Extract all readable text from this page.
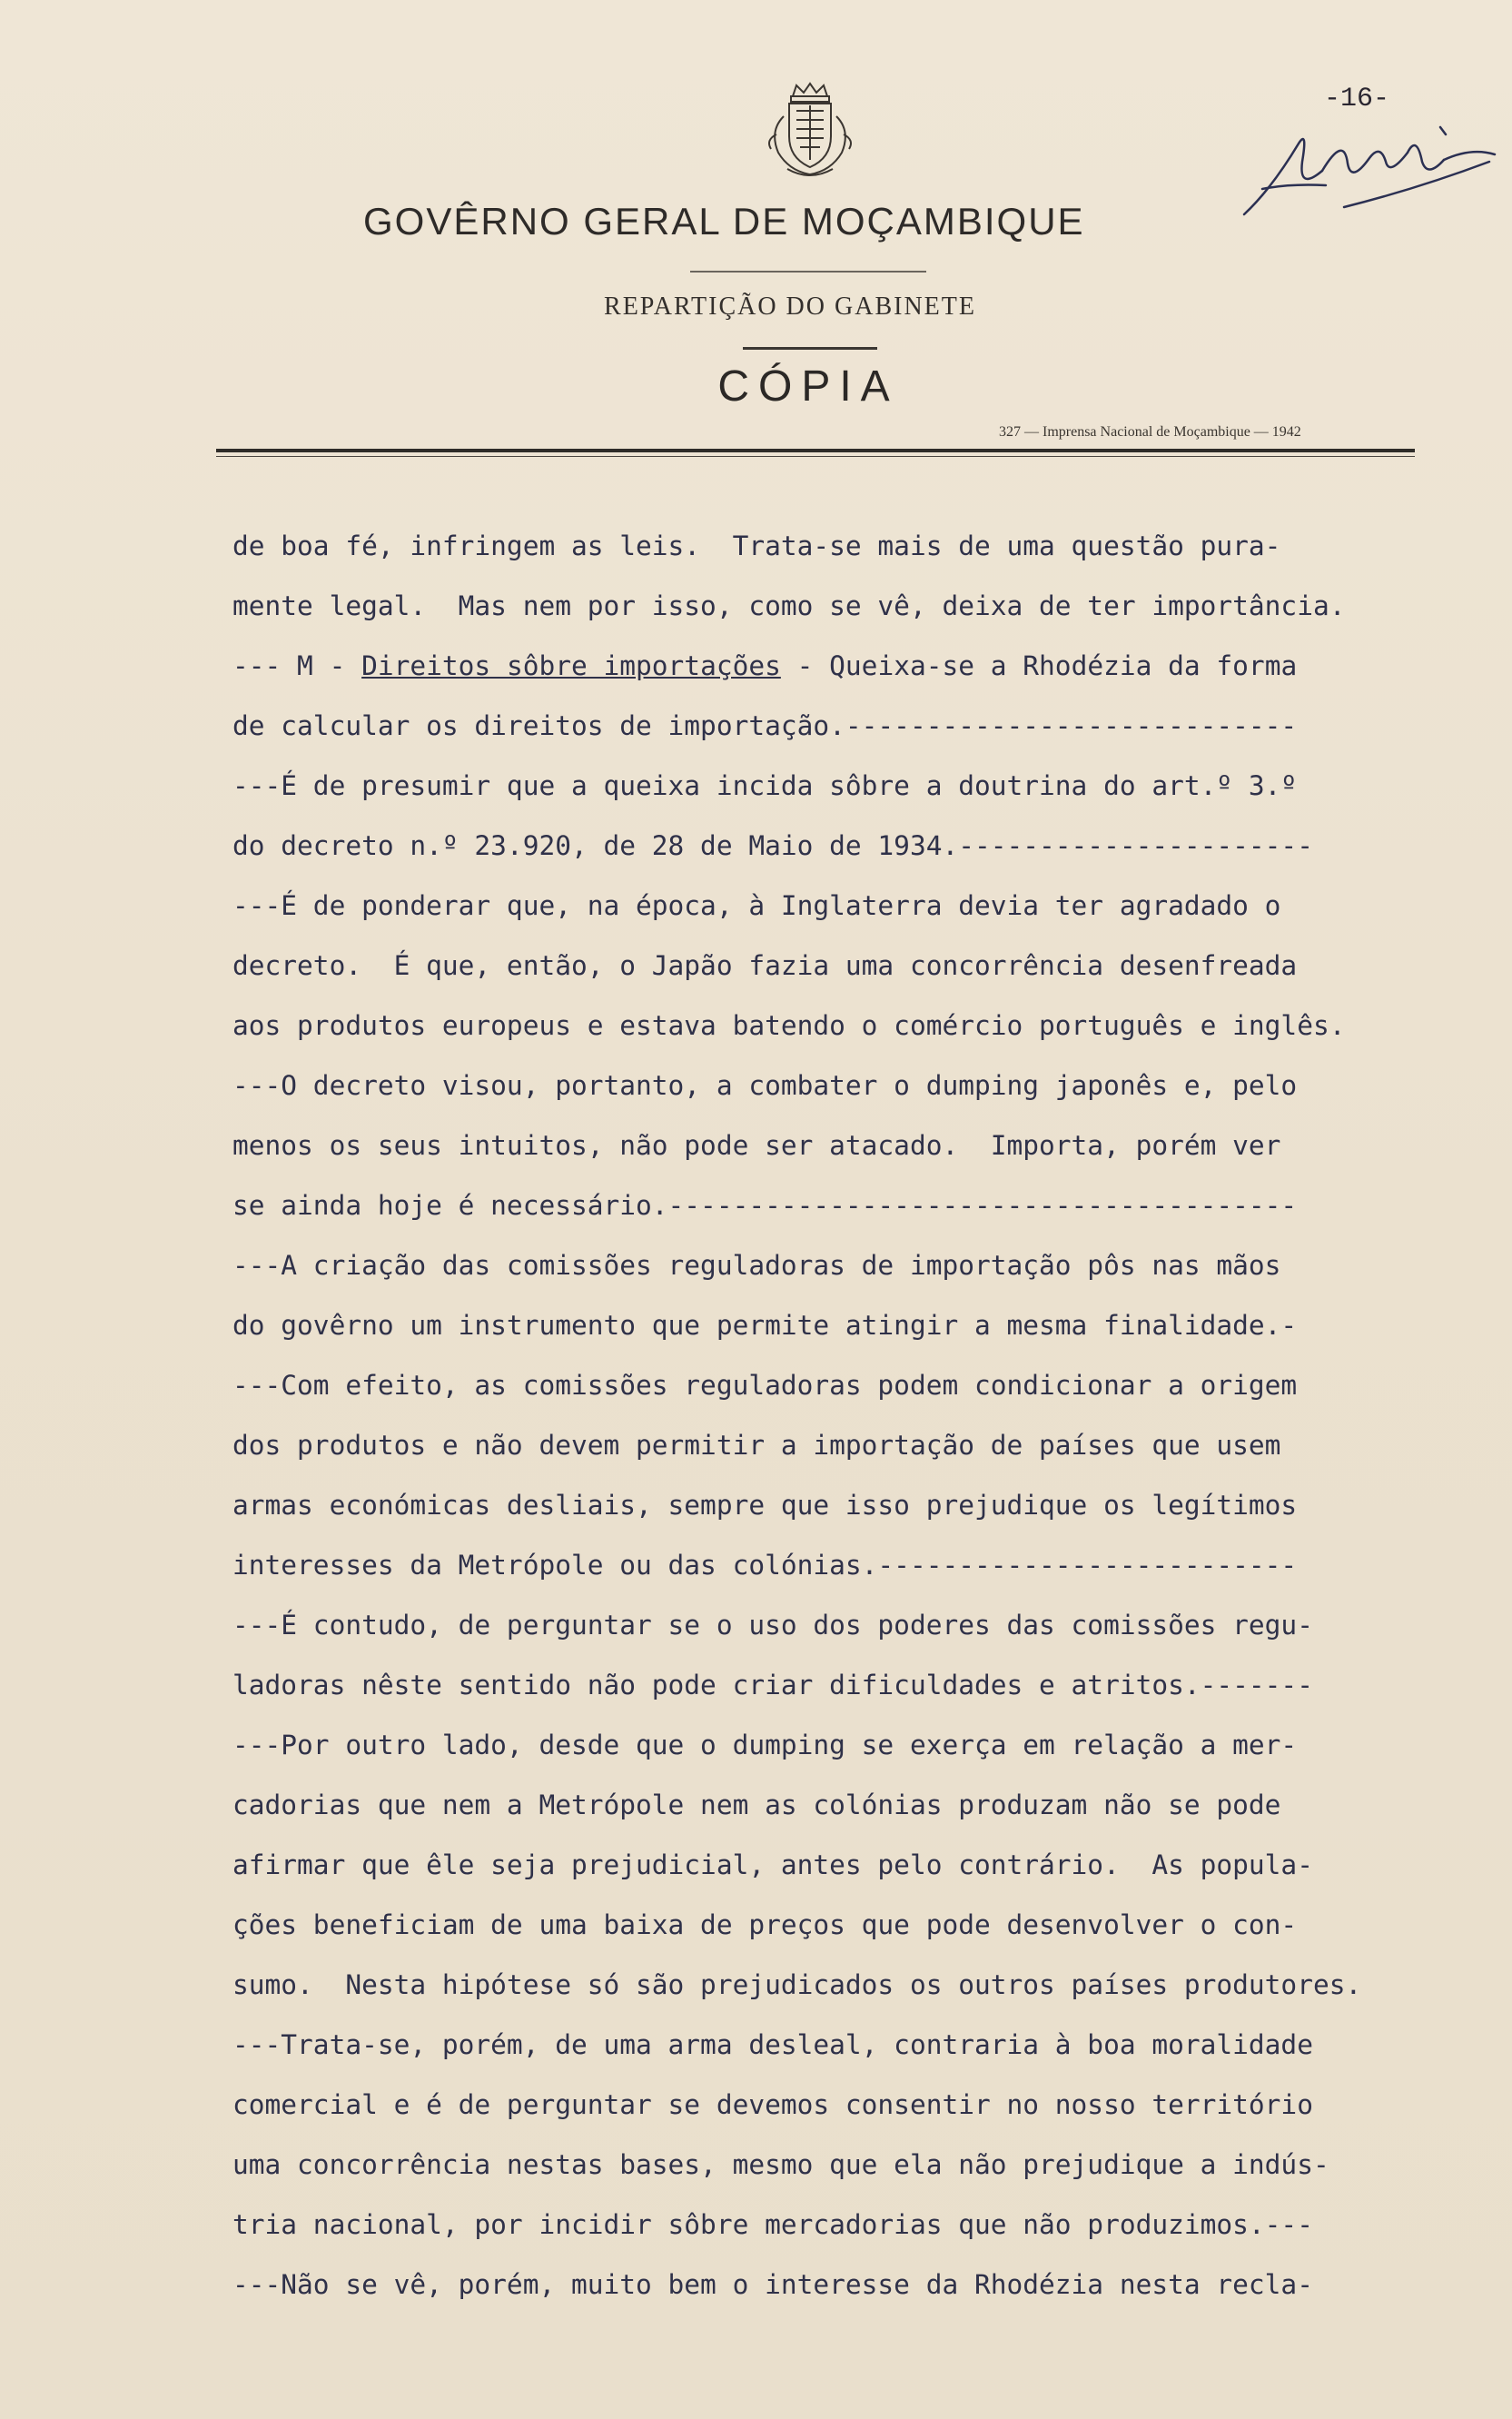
-16-
GOVÊRNO GERAL DE MOÇAMBIQUE
REPARTIÇÃO DO GABINETE
CÓPIA
327 — Imprensa Nacional de Moçambique — 1942
de boa fé, infringem as leis.  Trata-se mais de uma questão pura-
mente legal.  Mas nem por isso, como se vê, deixa de ter importância.
--- M - Direitos sôbre importações - Queixa-se a Rhodézia da forma
de calcular os direitos de importação.----------------------------
---É de presumir que a queixa incida sôbre a doutrina do art.º 3.º
do decreto n.º 23.920, de 28 de Maio de 1934.----------------------
---É de ponderar que, na época, à Inglaterra devia ter agradado o
decreto.  É que, então, o Japão fazia uma concorrência desenfreada
aos produtos europeus e estava batendo o comércio português e inglês.
---O decreto visou, portanto, a combater o dumping japonês e, pelo
menos os seus intuitos, não pode ser atacado.  Importa, porém ver
se ainda hoje é necessário.---------------------------------------
---A criação das comissões reguladoras de importação pôs nas mãos
do govêrno um instrumento que permite atingir a mesma finalidade.-
---Com efeito, as comissões reguladoras podem condicionar a origem
dos produtos e não devem permitir a importação de países que usem
armas económicas desliais, sempre que isso prejudique os legítimos
interesses da Metrópole ou das colónias.--------------------------
---É contudo, de perguntar se o uso dos poderes das comissões regu-
ladoras nêste sentido não pode criar dificuldades e atritos.-------
---Por outro lado, desde que o dumping se exerça em relação a mer-
cadorias que nem a Metrópole nem as colónias produzam não se pode
afirmar que êle seja prejudicial, antes pelo contrário.  As popula-
ções beneficiam de uma baixa de preços que pode desenvolver o con-
sumo.  Nesta hipótese só são prejudicados os outros países produtores.
---Trata-se, porém, de uma arma desleal, contraria à boa moralidade
comercial e é de perguntar se devemos consentir no nosso território
uma concorrência nestas bases, mesmo que ela não prejudique a indús-
tria nacional, por incidir sôbre mercadorias que não produzimos.---
---Não se vê, porém, muito bem o interesse da Rhodézia nesta recla-
